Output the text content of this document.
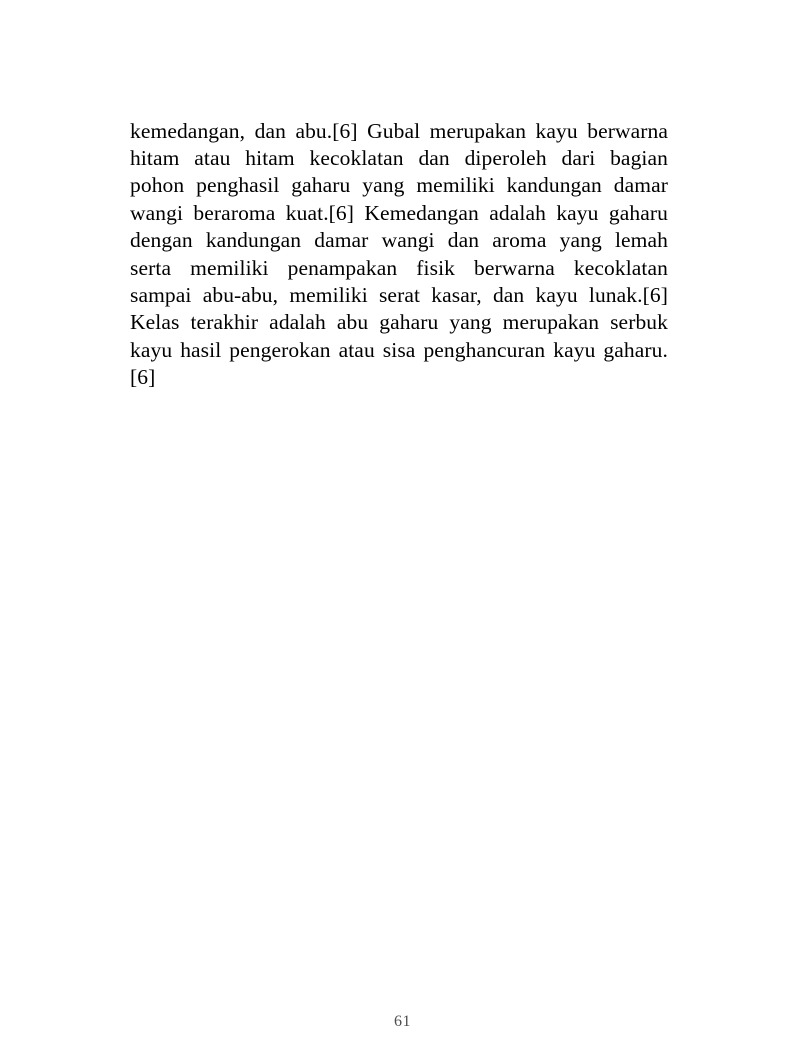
kemedangan, dan abu.[6] Gubal merupakan kayu berwarna hitam atau hitam kecoklatan dan diperoleh dari bagian pohon penghasil gaharu yang memiliki kandungan damar wangi beraroma kuat.[6] Kemedangan adalah kayu gaharu dengan kandungan damar wangi dan aroma yang lemah serta memiliki penampakan fisik berwarna kecoklatan sampai abu-abu, memiliki serat kasar, dan kayu lunak.[6] Kelas terakhir adalah abu gaharu yang merupakan serbuk kayu hasil pengerokan atau sisa penghancuran kayu gaharu.[6]

61
